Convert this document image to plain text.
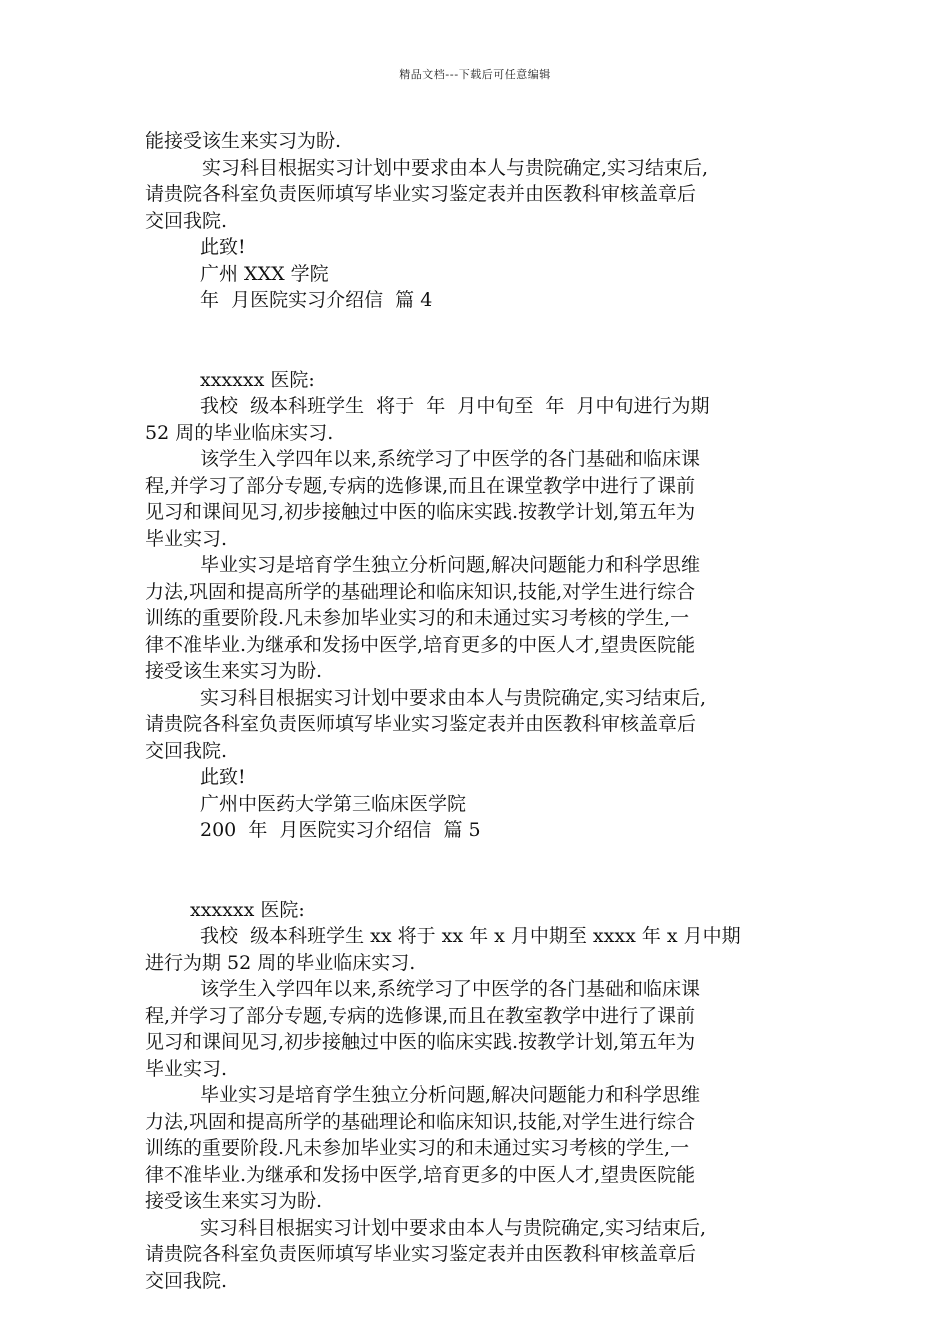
精品文档---下载后可任意编辑
能接受该生来实习为盼.
实习科目根据实习计划中要求由本人与贵院确定,实习结束后,
请贵院各科室负责医师填写毕业实习鉴定表并由医教科审核盖章后
交回我院.
此致!
广州 XXX 学院
年  月医院实习介绍信  篇 4
xxxxxx 医院:
我校  级本科班学生  将于  年  月中旬至  年  月中旬进行为期
52 周的毕业临床实习.
该学生入学四年以来,系统学习了中医学的各门基础和临床课
程,并学习了部分专题,专病的选修课,而且在课堂教学中进行了课前
见习和课间见习,初步接触过中医的临床实践.按教学计划,第五年为
毕业实习.
毕业实习是培育学生独立分析问题,解决问题能力和科学思维
力法,巩固和提高所学的基础理论和临床知识,技能,对学生进行综合
训练的重要阶段.凡未参加毕业实习的和未通过实习考核的学生,一
律不准毕业.为继承和发扬中医学,培育更多的中医人才,望贵医院能
接受该生来实习为盼.
实习科目根据实习计划中要求由本人与贵院确定,实习结束后,
请贵院各科室负责医师填写毕业实习鉴定表并由医教科审核盖章后
交回我院.
此致!
广州中医药大学第三临床医学院
200  年  月医院实习介绍信  篇 5
xxxxxx 医院:
我校  级本科班学生 xx 将于 xx 年 x 月中期至 xxxx 年 x 月中期
进行为期 52 周的毕业临床实习.
该学生入学四年以来,系统学习了中医学的各门基础和临床课
程,并学习了部分专题,专病的选修课,而且在教室教学中进行了课前
见习和课间见习,初步接触过中医的临床实践.按教学计划,第五年为
毕业实习.
毕业实习是培育学生独立分析问题,解决问题能力和科学思维
力法,巩固和提高所学的基础理论和临床知识,技能,对学生进行综合
训练的重要阶段.凡未参加毕业实习的和未通过实习考核的学生,一
律不准毕业.为继承和发扬中医学,培育更多的中医人才,望贵医院能
接受该生来实习为盼.
实习科目根据实习计划中要求由本人与贵院确定,实习结束后,
请贵院各科室负责医师填写毕业实习鉴定表并由医教科审核盖章后
交回我院.
